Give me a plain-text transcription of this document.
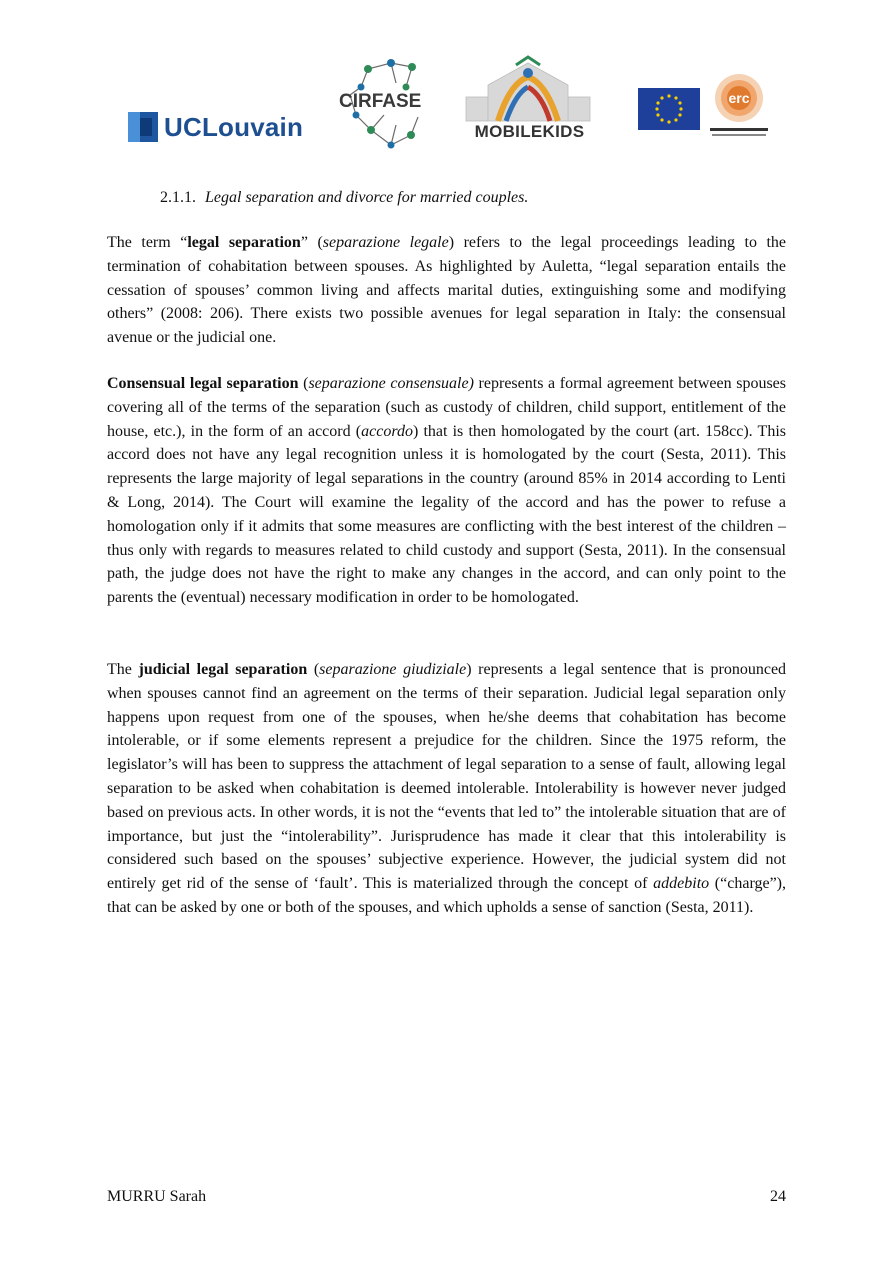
UCLouvain
CIRFASE
MOBILEKIDS
erc
2.1.1. Legal separation and divorce for married couples.

The term “legal separation” (separazione legale) refers to the legal proceedings leading to the termination of cohabitation between spouses. As highlighted by Auletta, “legal separation entails the cessation of spouses’ common living and affects marital duties, extinguishing some and modifying others” (2008: 206). There exists two possible avenues for legal separation in Italy: the consensual avenue or the judicial one.

Consensual legal separation (separazione consensuale) represents a formal agreement between spouses covering all of the terms of the separation (such as custody of children, child support, entitlement of the house, etc.), in the form of an accord (accordo) that is then homologated by the court (art. 158cc). This accord does not have any legal recognition unless it is homologated by the court (Sesta, 2011). This represents the large majority of legal separations in the country (around 85% in 2014 according to Lenti & Long, 2014). The Court will examine the legality of the accord and has the power to refuse a homologation only if it admits that some measures are conflicting with the best interest of the children – thus only with regards to measures related to child custody and support (Sesta, 2011). In the consensual path, the judge does not have the right to make any changes in the accord, and can only point to the parents the (eventual) necessary modification in order to be homologated.

The judicial legal separation (separazione giudiziale) represents a legal sentence that is pronounced when spouses cannot find an agreement on the terms of their separation. Judicial legal separation only happens upon request from one of the spouses, when he/she deems that cohabitation has become intolerable, or if some elements represent a prejudice for the children. Since the 1975 reform, the legislator’s will has been to suppress the attachment of legal separation to a sense of fault, allowing legal separation to be asked when cohabitation is deemed intolerable. Intolerability is however never judged based on previous acts. In other words, it is not the “events that led to” the intolerable situation that are of importance, but just the “intolerability”. Jurisprudence has made it clear that this intolerability is considered such based on the spouses’ subjective experience. However, the judicial system did not entirely get rid of the sense of ‘fault’. This is materialized through the concept of addebito (“charge”), that can be asked by one or both of the spouses, and which upholds a sense of sanction (Sesta, 2011).

MURRU Sarah	24
